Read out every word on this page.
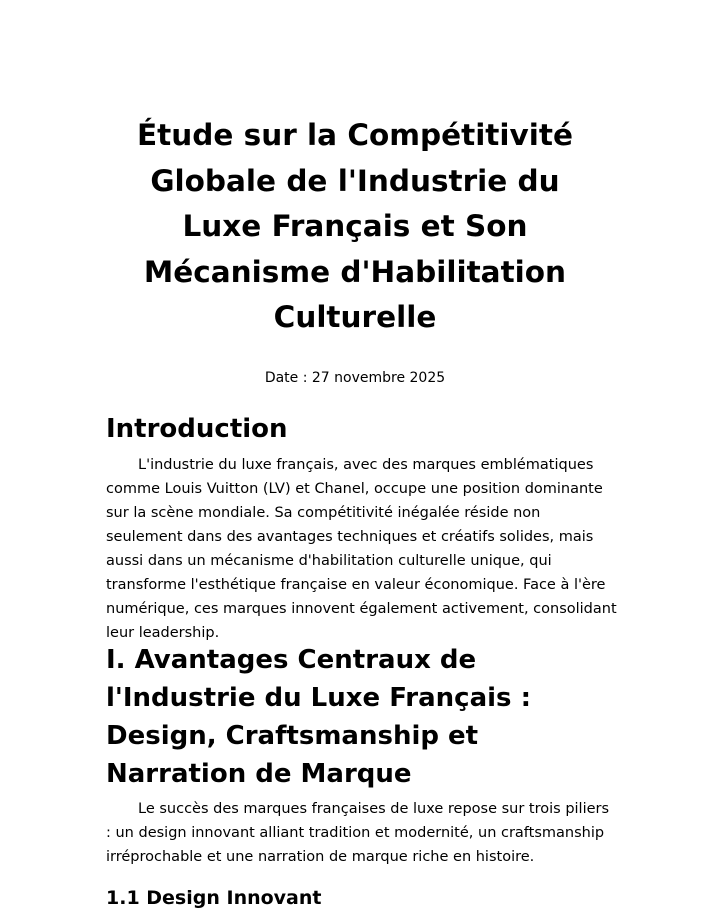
Étude sur la Compétitivité Globale de l'Industrie du Luxe Français et Son Mécanisme d'Habilitation Culturelle
Date : 27 novembre 2025
Introduction

L'industrie du luxe français, avec des marques emblématiques comme Louis Vuitton (LV) et Chanel, occupe une position dominante sur la scène mondiale. Sa compétitivité inégalée réside non seulement dans des avantages techniques et créatifs solides, mais aussi dans un mécanisme d'habilitation culturelle unique, qui transforme l'esthétique française en valeur économique. Face à l'ère numérique, ces marques innovent également activement, consolidant leur leadership.

I. Avantages Centraux de l'Industrie du Luxe Français : Design, Craftsmanship et Narration de Marque

Le succès des marques françaises de luxe repose sur trois piliers : un design innovant alliant tradition et modernité, un craftsmanship irréprochable et une narration de marque riche en histoire.

1.1 Design Innovant
